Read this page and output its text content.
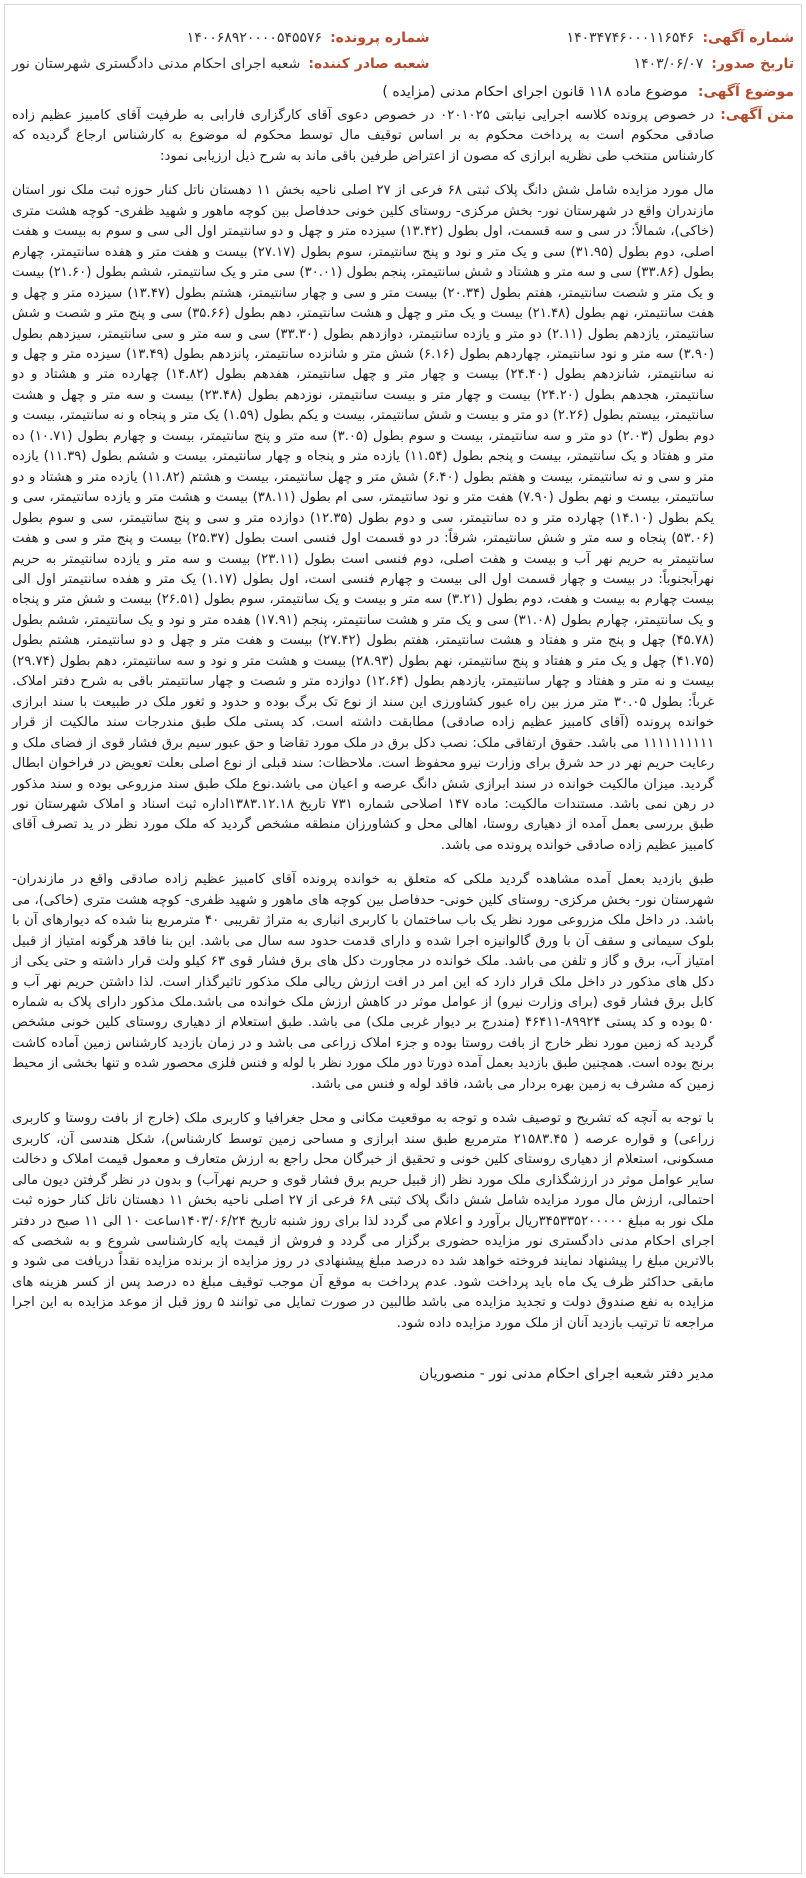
شماره آگهی:
۱۴۰۳۴۷۴۶۰۰۰۱۱۶۵۴۶
شماره پرونده:
۱۴۰۰۶۸۹۲۰۰۰۰۵۴۵۵۷۶
تاریخ صدور:
۱۴۰۳/۰۶/۰۷
شعبه صادر کننده:
شعبه اجرای احکام مدنی دادگستری شهرستان نور
موضوع آگهی:
موضوع ماده ۱۱۸ قانون اجرای احکام مدنی (مزایده )
متن آگهی:

در خصوص پرونده کلاسه اجرایی نیابتی ۰۲۰۱۰۲۵ در خصوص دعوی آقای کارگزاری فارابی به طرفیت آقای کامبیز عظیم زاده صادقی محکوم است به پرداخت محکوم به بر اساس توقیف مال توسط محکوم له موضوع به کارشناس ارجاع گردیده که کارشناس منتخب طی نظریه ابرازی که مصون از اعتراض طرفین باقی ماند به شرح ذیل ارزیابی نمود:

مال مورد مزایده شامل شش دانگ پلاک ثبتی ۶۸ فرعی از ۲۷ اصلی ناحیه بخش ۱۱ دهستان ناتل کنار حوزه ثبت ملک نور استان مازندران واقع در شهرستان نور- بخش مرکزی- روستای کلین خونی حدفاصل بین کوچه ماهور و شهید ظفری- کوچه هشت متری (خاکی)، شمالاً: در سی و سه قسمت، اول بطول (۱۳.۴۲) سیزده متر و چهل و دو سانتیمتر اول الی سی و سوم به بیست و هفت اصلی، دوم بطول (۳۱.۹۵) سی و یک متر و نود و پنج سانتیمتر، سوم بطول (۲۷.۱۷) بیست و هفت متر و هفده سانتیمتر، چهارم بطول (۳۳.۸۶) سی و سه متر و هشتاد و شش سانتیمتر، پنجم بطول (۳۰.۰۱) سی متر و یک سانتیمتر، ششم بطول (۲۱.۶۰) بیست و یک متر و شصت سانتیمتر، هفتم بطول (۲۰.۳۴) بیست متر و سی و چهار سانتیمتر، هشتم بطول (۱۳.۴۷) سیزده متر و چهل و هفت سانتیمتر، نهم بطول (۲۱.۴۸) بیست و یک متر و چهل و هشت سانتیمتر، دهم بطول (۳۵.۶۶) سی و پنج متر و شصت و شش سانتیمتر، یازدهم بطول (۲.۱۱) دو متر و یازده سانتیمتر، دوازدهم بطول (۳۳.۳۰) سی و سه متر و سی سانتیمتر، سیزدهم بطول (۳.۹۰) سه متر و نود سانتیمتر، چهاردهم بطول (۶.۱۶) شش متر و شانزده سانتیمتر، پانزدهم بطول (۱۳.۴۹) سیزده متر و چهل و نه سانتیمتر، شانزدهم بطول (۲۴.۴۰) بیست و چهار متر و چهل سانتیمتر، هفدهم بطول (۱۴.۸۲) چهارده متر و هشتاد و دو سانتیمتر، هجدهم بطول (۲۴.۲۰) بیست و چهار متر و بیست سانتیمتر، نوزدهم بطول (۲۳.۴۸) بیست و سه متر و چهل و هشت سانتیمتر، بیستم بطول (۲.۲۶) دو متر و بیست و شش سانتیمتر، بیست و یکم بطول (۱.۵۹) یک متر و پنجاه و نه سانتیمتر، بیست و دوم بطول (۲.۰۳) دو متر و سه سانتیمتر، بیست و سوم بطول (۳.۰۵) سه متر و پنج سانتیمتر، بیست و چهارم بطول (۱۰.۷۱) ده متر و هفتاد و یک سانتیمتر، بیست و پنجم بطول (۱۱.۵۴) یازده متر و پنجاه و چهار سانتیمتر، بیست و ششم بطول (۱۱.۳۹) یازده متر و سی و نه سانتیمتر، بیست و هفتم بطول (۶.۴۰) شش متر و چهل سانتیمتر، بیست و هشتم (۱۱.۸۲) یازده متر و هشتاد و دو سانتیمتر، بیست و نهم بطول (۷.۹۰) هفت متر و نود سانتیمتر، سی ام بطول (۳۸.۱۱) بیست و هشت متر و یازده سانتیمتر، سی و یکم بطول (۱۴.۱۰) چهارده متر و ده سانتیمتر، سی و دوم بطول (۱۲.۳۵) دوازده متر و سی و پنج سانتیمتر، سی و سوم بطول (۵۳.۰۶) پنجاه و سه متر و شش سانتیمتر، شرقاً: در دو قسمت اول فنسی است بطول (۲۵.۳۷) بیست و پنج متر و سی و هفت سانتیمتر به حریم نهر آب و بیست و هفت اصلی، دوم فنسی است بطول (۲۳.۱۱) بیست و سه متر و یازده سانتیمتر به حریم نهرآبجنوباً: در بیست و چهار قسمت اول الی بیست و چهارم فنسی است، اول بطول (۱.۱۷) یک متر و هفده سانتیمتر اول الی بیست چهارم به بیست و هفت، دوم بطول (۳.۲۱) سه متر و بیست و یک سانتیمتر، سوم بطول (۲۶.۵۱) بیست و شش متر و پنجاه و یک سانتیمتر، چهارم بطول (۳۱.۰۸) سی و یک متر و هشت سانتیمتر، پنجم (۱۷.۹۱) هفده متر و نود و یک سانتیمتر، ششم بطول (۴۵.۷۸) چهل و پنج متر و هفتاد و هشت سانتیمتر، هفتم بطول (۲۷.۴۲) بیست و هفت متر و چهل و دو سانتیمتر، هشتم بطول (۴۱.۷۵) چهل و یک متر و هفتاد و پنج سانتیمتر، نهم بطول (۲۸.۹۳) بیست و هشت متر و نود و سه سانتیمتر، دهم بطول (۲۹.۷۴) بیست و نه متر و هفتاد و چهار سانتیمتر، یازدهم بطول (۱۲.۶۴) دوازده متر و شصت و چهار سانتیمتر باقی به شرح دفتر املاک. غرباً: بطول ۳۰.۰۵ متر مرز بین راه عبور کشاورزی این سند از نوع تک برگ بوده و حدود و ثغور ملک در طبیعت با سند ابرازی خوانده پرونده (آقای کامبیز عظیم زاده صادقی) مطابقت داشته است. کد پستی ملک طبق مندرجات سند مالکیت از قرار ۱۱۱۱۱۱۱۱۱۱ می باشد. حقوق ارتفاقی ملک: نصب دکل برق در ملک مورد تقاضا و حق عبور سیم برق فشار قوی از فضای ملک و رعایت حریم نهر در حد شرق برای وزارت نیرو محفوظ است. ملاحظات: سند قبلی از نوع اصلی بعلت تعویض در فراخوان ابطال گردید. میزان مالکیت خوانده در سند ابرازی شش دانگ عرصه و اعیان می باشد.نوع ملک طبق سند مزروعی بوده و سند مذکور در رهن نمی باشد. مستندات مالکیت: ماده ۱۴۷ اصلاحی شماره ۷۳۱ تاریخ ۱۳۸۳.۱۲.۱۸اداره ثبت اسناد و املاک شهرستان نور طبق بررسی بعمل آمده از دهیاری روستا، اهالی محل و کشاورزان منطقه مشخص گردید که ملک مورد نظر در ید تصرف آقای کامبیز عظیم زاده صادقی خوانده پرونده می باشد.

طبق بازدید بعمل آمده مشاهده گردید ملکی که متعلق به خوانده پرونده آقای کامبیز عظیم زاده صادقی واقع در مازندران- شهرستان نور- بخش مرکزی- روستای کلین خونی- حدفاصل بین کوچه های ماهور و شهید ظفری- کوچه هشت متری (خاکی)، می باشد. در داخل ملک مزروعی مورد نظر یک باب ساختمان با کاربری انباری به متراژ تقریبی ۴۰ مترمربع بنا شده که دیوارهای آن با بلوک سیمانی و سقف آن با ورق گالوانیزه اجرا شده و دارای قدمت حدود سه سال می باشد. این بنا فاقد هرگونه امتیاز از قبیل امتیاز آب، برق و گاز و تلفن می باشد. ملک خوانده در مجاورت دکل های برق فشار قوی ۶۳ کیلو ولت قرار داشته و حتی یکی از دکل های مذکور در داخل ملک قرار دارد که این امر در افت ارزش ریالی ملک مذکور تاثیرگذار است. لذا داشتن حریم نهر آب و کابل برق فشار قوی (برای وزارت نیرو) از عوامل موثر در کاهش ارزش ملک خوانده می باشد.ملک مذکور دارای پلاک به شماره ۵۰ بوده و کد پستی ۸۹۹۲۴-۴۶۴۱۱ (مندرج بر دیوار غربی ملک) می باشد. طبق استعلام از دهیاری روستای کلین خونی مشخص گردید که زمین مورد نظر خارج از بافت روستا بوده و جزء املاک زراعی می باشد و در زمان بازدید کارشناس زمین آماده کاشت برنج بوده است. همچنین طبق بازدید بعمل آمده دورتا دور ملک مورد نظر با لوله و فنس فلزی محصور شده و تنها بخشی از محیط زمین که مشرف به زمین بهره بردار می باشد، فاقد لوله و فنس می باشد.

با توجه به آنچه که تشریح و توصیف شده و توجه به موقعیت مکانی و محل جغرافیا و کاربری ملک (خارج از بافت روستا و کاربری زراعی) و قواره عرصه ( ۲۱۵۸۳.۴۵ مترمربع طبق سند ابرازی و مساحی زمین توسط کارشناس)، شکل هندسی آن، کاربری مسکونی، استعلام از دهیاری روستای کلین خونی و تحقیق از خبرگان محل راجع به ارزش متعارف و معمول قیمت املاک و دخالت سایر عوامل موثر در ارزشگذاری ملک مورد نظر (از قبیل حریم برق فشار قوی و حریم نهرآب) و بدون در نظر گرفتن دیون مالی احتمالی، ارزش مال مورد مزایده شامل شش دانگ پلاک ثبتی ۶۸ فرعی از ۲۷ اصلی ناحیه بخش ۱۱ دهستان ناتل کنار حوزه ثبت ملک نور به مبلغ ۳۴۵۳۳۵۲۰۰۰۰۰ریال برآورد و اعلام می گردد لذا برای روز شنبه تاریخ ۱۴۰۳/۰۶/۲۴ساعت ۱۰ الی ۱۱ صبح در دفتر اجرای احکام مدنی دادگستری نور مزایده حضوری برگزار می گردد و فروش از قیمت پایه کارشناسی شروع و به شخصی که بالاترین مبلغ را پیشنهاد نمایند فروخته خواهد شد ده درصد مبلغ پیشنهادی در روز مزایده از برنده مزایده نقداً دریافت می شود و مابقی حداکثر ظرف یک ماه باید پرداخت شود. عدم پرداخت به موقع آن موجب توقیف مبلغ ده درصد پس از کسر هزینه های مزایده به نفع صندوق دولت و تجدید مزایده می باشد طالبین در صورت تمایل می توانند ۵ روز قبل از موعد مزایده به این اجرا مراجعه تا ترتیب بازدید آنان از ملک مورد مزایده داده شود.

مدیر دفتر شعبه اجرای احکام مدنی نور - منصوریان
